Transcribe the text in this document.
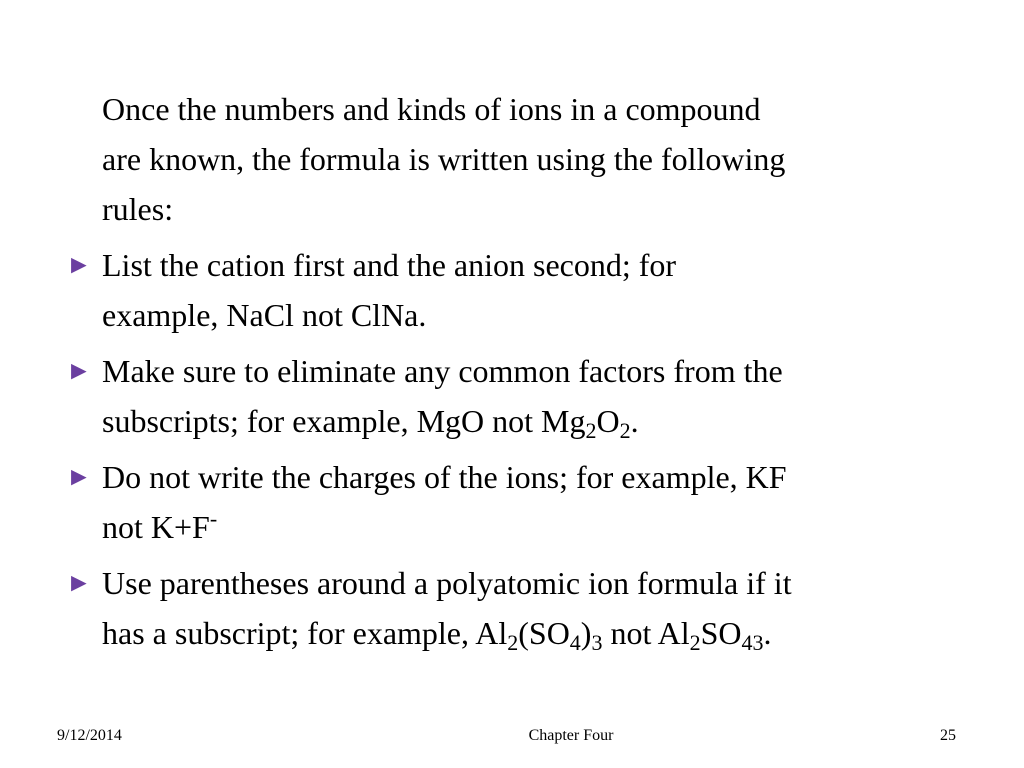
Once the numbers and kinds of ions in a compound
are known, the formula is written using the following
rules:
► List the cation first and the anion second; for
example, NaCl not ClNa.
► Make sure to eliminate any common factors from the
subscripts; for example, MgO not $Mg_2O_2$.
► Do not write the charges of the ions; for example, KF
not K+F-
► Use parentheses around a polyatomic ion formula if it
has a subscript; for example, $Al_2(SO_4)_3$ not $Al_2SO_{43}$.
9/12/2014	Chapter Four	25
